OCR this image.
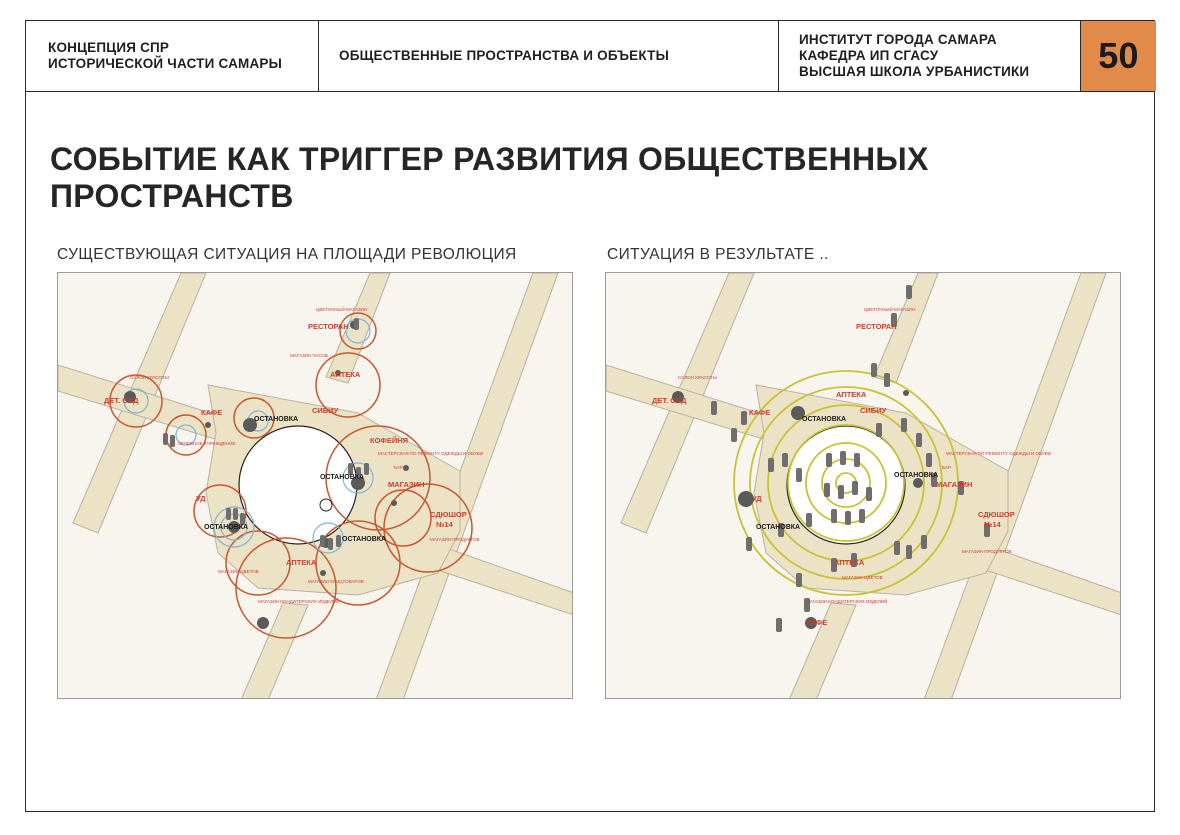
КОНЦЕПЦИЯ СПР
ИСТОРИЧЕСКОЙ ЧАСТИ САМАРЫ
ОБЩЕСТВЕННЫЕ ПРОСТРАНСТВА И ОБЪЕКТЫ
ИНСТИТУТ ГОРОДА САМАРА
КАФЕДРА ИП СГАСУ
ВЫСШАЯ ШКОЛА УРБАНИСТИКИ	50
СОБЫТИЕ КАК ТРИГГЕР РАЗВИТИЯ ОБЩЕСТВЕННЫХ
ПРОСТРАНСТВ
СУЩЕСТВУЮЩАЯ СИТУАЦИЯ НА ПЛОЩАДИ РЕВОЛЮЦИЯ	СИТУАЦИЯ В РЕЗУЛЬТАТЕ ..
ДЕТ. САД
КАФЕ
РЕСТОРАН
АПТЕКА
СИБИУ
КОФЕЙНЯ
МАГАЗИН
СДЮШОР
№14
АПТЕКА
УД
ЛЕЧЕБНОЕ УЧРЕЖДЕНИЕ
МАГАЗИН ЧАСОВ
МАСТЕРСКАЯ ПО РЕМОНТУ ОДЕЖДЫ И ОБУВИ
МАГАЗИН КАНЦТОВАРОВ
МАГАЗИН КОНДИТЕРСКИХ ИЗДЕЛИЙ
САЛОН КРАСОТЫ
ЦВЕТОЧНЫЙ МАГАЗИН
МАГАЗИН ЦВЕТОВ
БАР
МАГАЗИН ПРОДУКТОВ
ОСТАНОВКА
ОСТАНОВКА
ОСТАНОВКА
ОСТАНОВКА
ДЕТ. САД
КАФЕ
РЕСТОРАН
АПТЕКА
СИБИУ
МАГАЗИН
СДЮШОР
№14
АПТЕКА
УД
КАФЕ
САЛОН КРАСОТЫ
ЦВЕТОЧНЫЙ МАГАЗИН
БАР
МАСТЕРСКАЯ ПО РЕМОНТУ ОДЕЖДЫ И ОБУВИ
МАГАЗИН ПРОДУКТОВ
МАГАЗИН КОНДИТЕРСКИХ ИЗДЕЛИЙ
МАГАЗИН ЦВЕТОВ
ОСТАНОВКА
ОСТАНОВКА
ОСТАНОВКА
